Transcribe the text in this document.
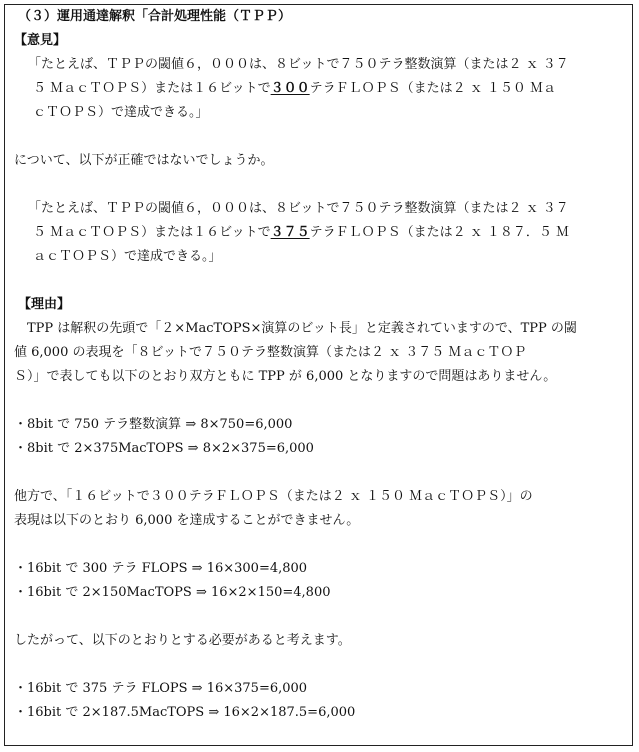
（３）運用通達解釈「合計処理性能（ＴＰＰ）
【意見】
「たとえば、ＴＰＰの閾値６，０００は、８ビットで７５０テラ整数演算（または２ ｘ ３７
５ ＭａｃＴＯＰＳ）または１６ビットで３００テラＦＬＯＰＳ（または２ ｘ １５０ Ｍａ
ｃＴＯＰＳ）で達成できる。」
について、以下が正確ではないでしょうか。
「たとえば、ＴＰＰの閾値６，０００は、８ビットで７５０テラ整数演算（または２ ｘ ３７
５ ＭａｃＴＯＰＳ）または１６ビットで３７５テラＦＬＯＰＳ（または２ ｘ １８７．５ Ｍ
ａｃＴＯＰＳ）で達成できる。」
【理由】
TPP は解釈の先頭で「２×MacTOPS×演算のビット長」と定義されていますので、TPP の閾
値 6,000 の表現を「８ビットで７５０テラ整数演算（または２ ｘ ３７５ ＭａｃＴＯＰ
Ｓ）」で表しても以下のとおり双方ともに TPP が 6,000 となりますので問題はありません。
・8bit で 750 テラ整数演算 ⇒ 8×750=6,000
・8bit で 2×375MacTOPS ⇒ 8×2×375=6,000
他方で、「１６ビットで３００テラＦＬＯＰＳ（または２ ｘ １５０ ＭａｃＴＯＰＳ）」の
表現は以下のとおり 6,000 を達成することができません。
・16bit で 300 テラ FLOPS ⇒ 16×300=4,800
・16bit で 2×150MacTOPS ⇒ 16×2×150=4,800
したがって、以下のとおりとする必要があると考えます。
・16bit で 375 テラ FLOPS ⇒ 16×375=6,000
・16bit で 2×187.5MacTOPS ⇒ 16×2×187.5=6,000
